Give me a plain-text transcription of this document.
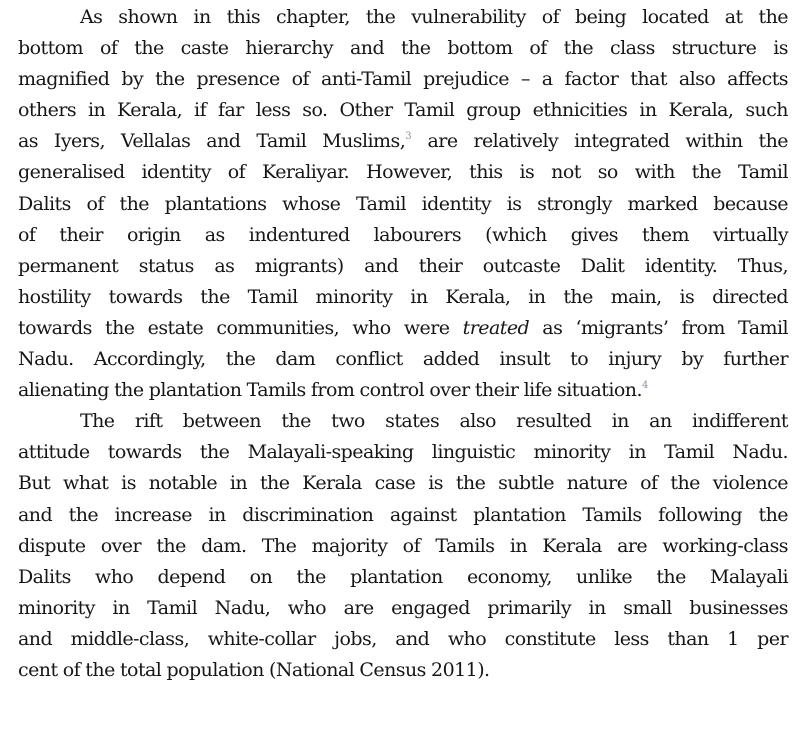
As shown in this chapter, the vulnerability of being located at the
bottom of the caste hierarchy and the bottom of the class structure is
magnified by the presence of anti-Tamil prejudice – a factor that also affects
others in Kerala, if far less so. Other Tamil group ethnicities in Kerala, such
as Iyers, Vellalas and Tamil Muslims,$^3$ are relatively integrated within the
generalised identity of Keraliyar. However, this is not so with the Tamil
Dalits of the plantations whose Tamil identity is strongly marked because
of their origin as indentured labourers (which gives them virtually
permanent status as migrants) and their outcaste Dalit identity. Thus,
hostility towards the Tamil minority in Kerala, in the main, is directed
towards the estate communities, who were treated as ‘migrants’ from Tamil
Nadu. Accordingly, the dam conflict added insult to injury by further
alienating the plantation Tamils from control over their life situation.$^4$
The rift between the two states also resulted in an indifferent
attitude towards the Malayali-speaking linguistic minority in Tamil Nadu.
But what is notable in the Kerala case is the subtle nature of the violence
and the increase in discrimination against plantation Tamils following the
dispute over the dam. The majority of Tamils in Kerala are working-class
Dalits who depend on the plantation economy, unlike the Malayali
minority in Tamil Nadu, who are engaged primarily in small businesses
and middle-class, white-collar jobs, and who constitute less than 1 per
cent of the total population (National Census 2011).
